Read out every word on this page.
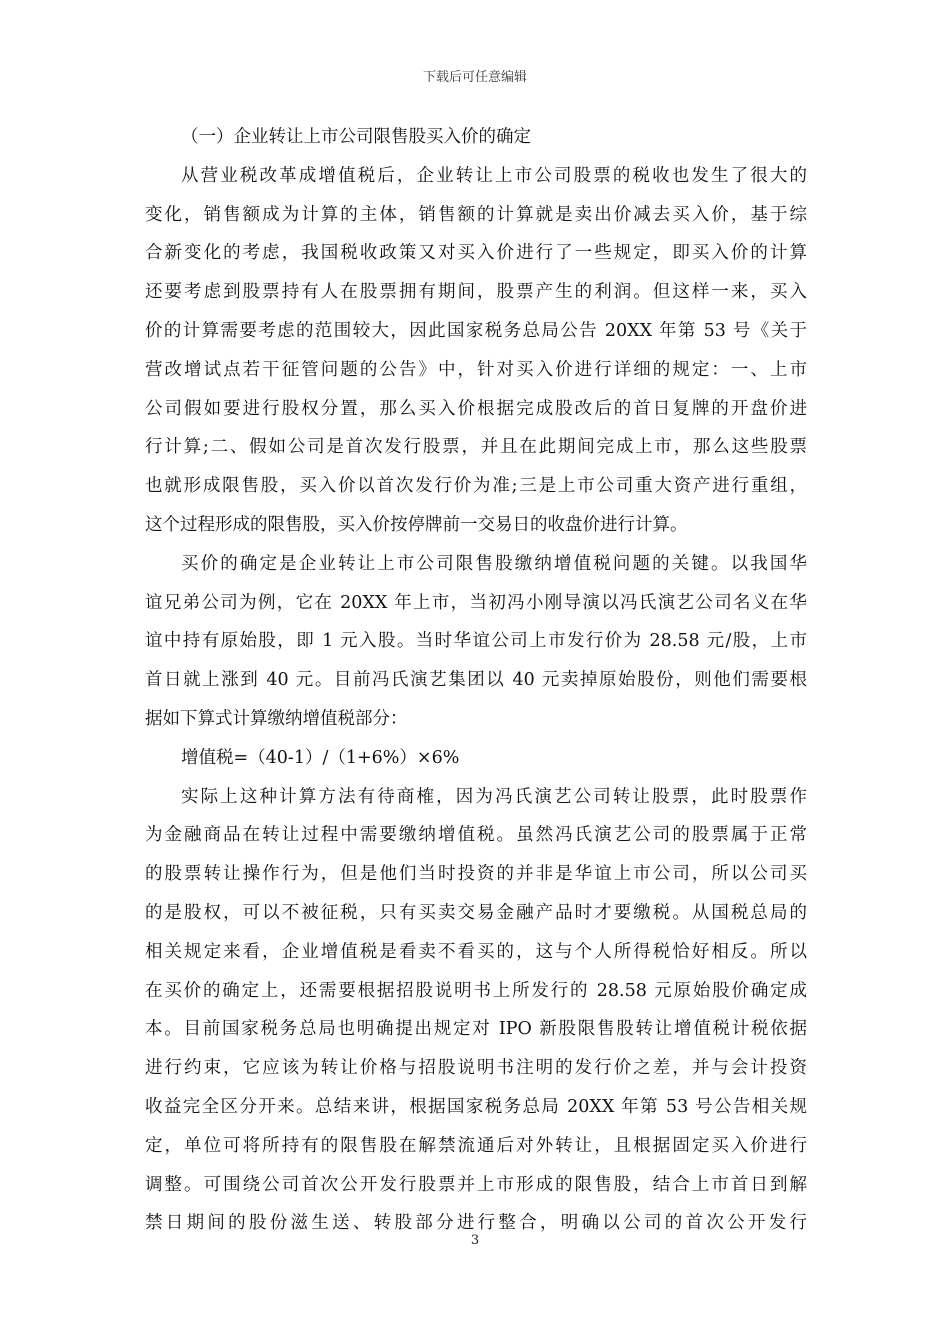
下载后可任意编辑
（一）企业转让上市公司限售股买入价的确定
从营业税改革成增值税后，企业转让上市公司股票的税收也发生了很大的
变化，销售额成为计算的主体，销售额的计算就是卖出价减去买入价，基于综
合新变化的考虑，我国税收政策又对买入价进行了一些规定，即买入价的计算
还要考虑到股票持有人在股票拥有期间，股票产生的利润。但这样一来，买入
价的计算需要考虑的范围较大，因此国家税务总局公告 20XX 年第 53 号《关于
营改增试点若干征管问题的公告》中，针对买入价进行详细的规定：一、上市
公司假如要进行股权分置，那么买入价根据完成股改后的首日复牌的开盘价进
行计算;二、假如公司是首次发行股票，并且在此期间完成上市，那么这些股票
也就形成限售股，买入价以首次发行价为准;三是上市公司重大资产进行重组，
这个过程形成的限售股，买入价按停牌前一交易日的收盘价进行计算。
买价的确定是企业转让上市公司限售股缴纳增值税问题的关键。以我国华
谊兄弟公司为例，它在 20XX 年上市，当初冯小刚导演以冯氏演艺公司名义在华
谊中持有原始股，即 1 元入股。当时华谊公司上市发行价为 28.58 元/股，上市
首日就上涨到 40 元。目前冯氏演艺集团以 40 元卖掉原始股份，则他们需要根
据如下算式计算缴纳增值税部分：
增值税=（40-1）/（1+6%）×6%
实际上这种计算方法有待商榷，因为冯氏演艺公司转让股票，此时股票作
为金融商品在转让过程中需要缴纳增值税。虽然冯氏演艺公司的股票属于正常
的股票转让操作行为，但是他们当时投资的并非是华谊上市公司，所以公司买
的是股权，可以不被征税，只有买卖交易金融产品时才要缴税。从国税总局的
相关规定来看，企业增值税是看卖不看买的，这与个人所得税恰好相反。所以
在买价的确定上，还需要根据招股说明书上所发行的 28.58 元原始股价确定成
本。目前国家税务总局也明确提出规定对 IPO 新股限售股转让增值税计税依据
进行约束，它应该为转让价格与招股说明书注明的发行价之差，并与会计投资
收益完全区分开来。总结来讲，根据国家税务总局 20XX 年第 53 号公告相关规
定，单位可将所持有的限售股在解禁流通后对外转让，且根据固定买入价进行
调整。可围绕公司首次公开发行股票并上市形成的限售股，结合上市首日到解
禁日期间的股份滋生送、转股部分进行整合，明确以公司的首次公开发行
3
